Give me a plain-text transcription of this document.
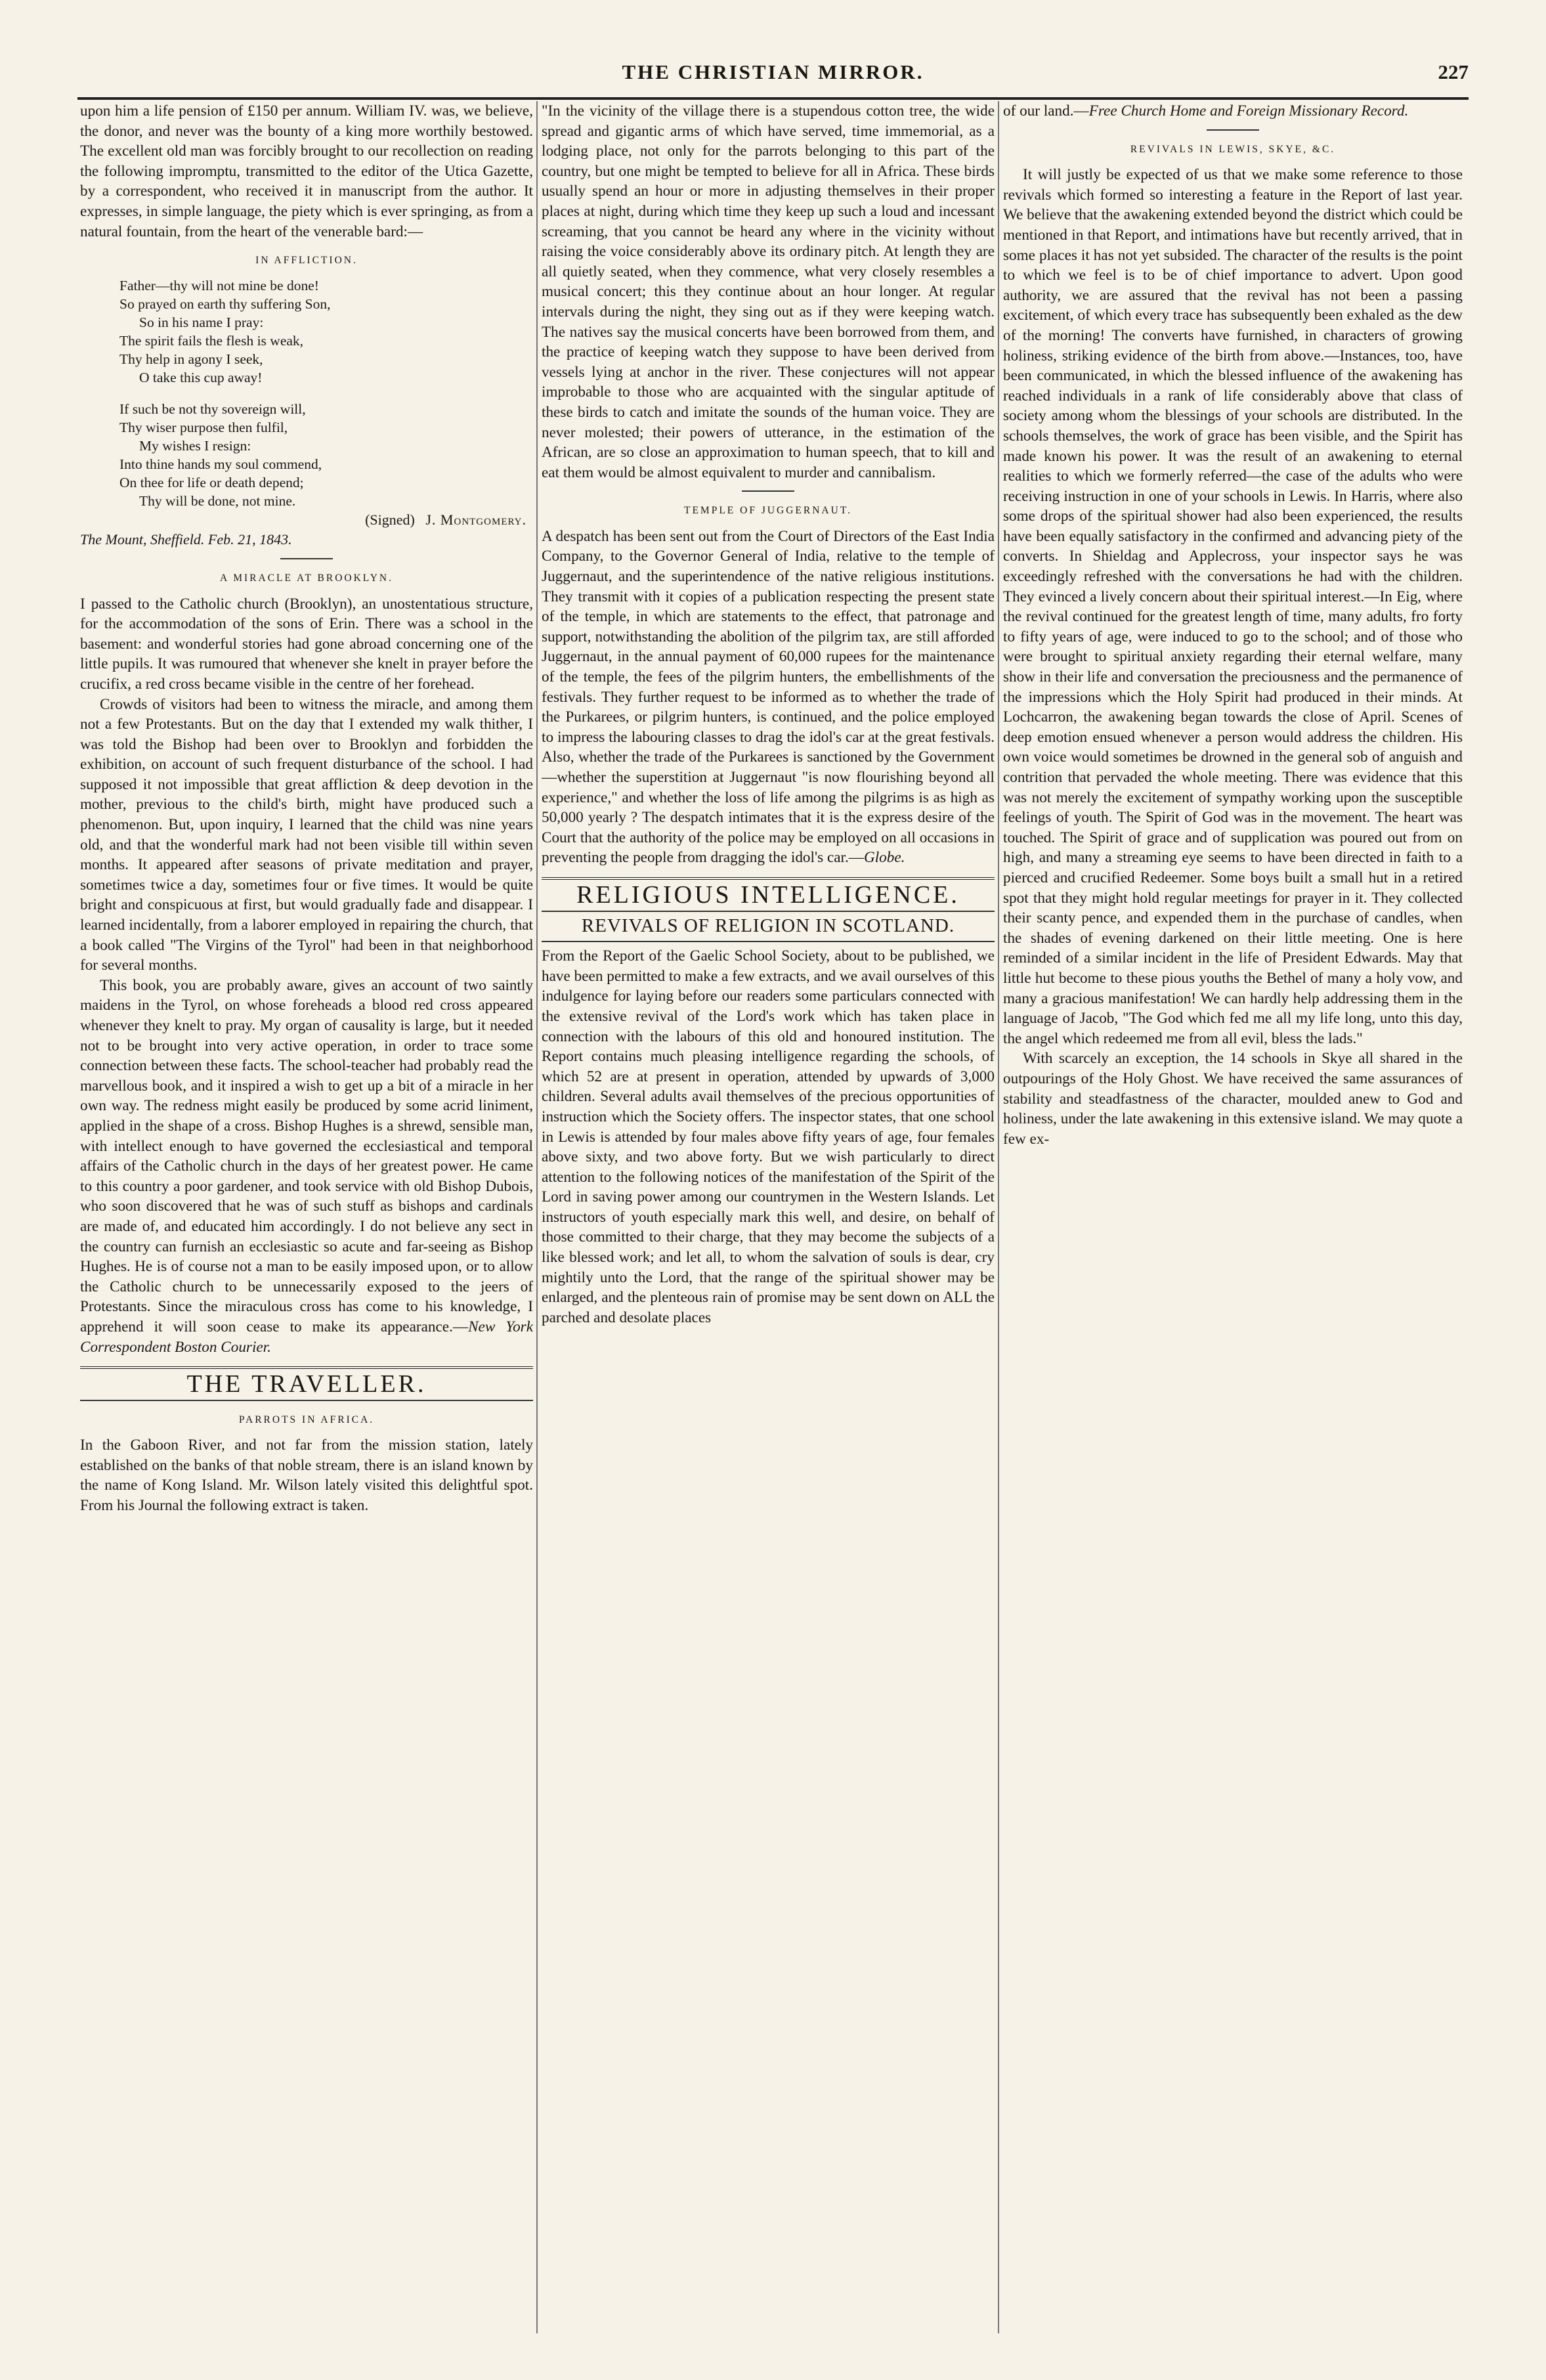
THE CHRISTIAN MIRROR.	227

upon him a life pension of £150 per annum. William IV. was, we believe, the donor, and never was the bounty of a king more worthily bestowed. The excellent old man was forcibly brought to our recollection on reading the following impromptu, transmitted to the editor of the Utica Gazette, by a correspondent, who received it in manuscript from the author. It expresses, in simple language, the piety which is ever springing, as from a natural fountain, from the heart of the venerable bard:—

IN AFFLICTION.
Father—thy will not mine be done!
So prayed on earth thy suffering Son,
So in his name I pray:
The spirit fails the flesh is weak,
Thy help in agony I seek,
O take this cup away!
If such be not thy sovereign will,
Thy wiser purpose then fulfil,
My wishes I resign:
Into thine hands my soul commend,
On thee for life or death depend;
Thy will be done, not mine.
(Signed) J. Montgomery.
The Mount, Sheffield. Feb. 21, 1843.
A MIRACLE AT BROOKLYN.

I passed to the Catholic church (Brooklyn), an unostentatious structure, for the accommodation of the sons of Erin. There was a school in the basement: and wonderful stories had gone abroad concerning one of the little pupils. It was rumoured that whenever she knelt in prayer before the crucifix, a red cross became visible in the centre of her forehead.

Crowds of visitors had been to witness the miracle, and among them not a few Protestants. But on the day that I extended my walk thither, I was told the Bishop had been over to Brooklyn and forbidden the exhibition, on account of such frequent disturbance of the school. I had supposed it not impossible that great affliction & deep devotion in the mother, previous to the child's birth, might have produced such a phenomenon. But, upon inquiry, I learned that the child was nine years old, and that the wonderful mark had not been visible till within seven months. It appeared after seasons of private meditation and prayer, sometimes twice a day, sometimes four or five times. It would be quite bright and conspicuous at first, but would gradually fade and disappear. I learned incidentally, from a laborer employed in repairing the church, that a book called "The Virgins of the Tyrol" had been in that neighborhood for several months.

This book, you are probably aware, gives an account of two saintly maidens in the Tyrol, on whose foreheads a blood red cross appeared whenever they knelt to pray. My organ of causality is large, but it needed not to be brought into very active operation, in order to trace some connection between these facts. The school-teacher had probably read the marvellous book, and it inspired a wish to get up a bit of a miracle in her own way. The redness might easily be produced by some acrid liniment, applied in the shape of a cross. Bishop Hughes is a shrewd, sensible man, with intellect enough to have governed the ecclesiastical and temporal affairs of the Catholic church in the days of her greatest power. He came to this country a poor gardener, and took service with old Bishop Dubois, who soon discovered that he was of such stuff as bishops and cardinals are made of, and educated him accordingly. I do not believe any sect in the country can furnish an ecclesiastic so acute and far-seeing as Bishop Hughes. He is of course not a man to be easily imposed upon, or to allow the Catholic church to be unnecessarily exposed to the jeers of Protestants. Since the miraculous cross has come to his knowledge, I apprehend it will soon cease to make its appearance.—New York Correspondent Boston Courier.

THE TRAVELLER.
PARROTS IN AFRICA.

In the Gaboon River, and not far from the mission station, lately established on the banks of that noble stream, there is an island known by the name of Kong Island. Mr. Wilson lately visited this delightful spot. From his Journal the following extract is taken.

"In the vicinity of the village there is a stupendous cotton tree, the wide spread and gigantic arms of which have served, time immemorial, as a lodging place, not only for the parrots belonging to this part of the country, but one might be tempted to believe for all in Africa. These birds usually spend an hour or more in adjusting themselves in their proper places at night, during which time they keep up such a loud and incessant screaming, that you cannot be heard any where in the vicinity without raising the voice considerably above its ordinary pitch. At length they are all quietly seated, when they commence, what very closely resembles a musical concert; this they continue about an hour longer. At regular intervals during the night, they sing out as if they were keeping watch. The natives say the musical concerts have been borrowed from them, and the practice of keeping watch they suppose to have been derived from vessels lying at anchor in the river. These conjectures will not appear improbable to those who are acquainted with the singular aptitude of these birds to catch and imitate the sounds of the human voice. They are never molested; their powers of utterance, in the estimation of the African, are so close an approximation to human speech, that to kill and eat them would be almost equivalent to murder and cannibalism.

TEMPLE OF JUGGERNAUT.

A despatch has been sent out from the Court of Directors of the East India Company, to the Governor General of India, relative to the temple of Juggernaut, and the superintendence of the native religious institutions. They transmit with it copies of a publication respecting the present state of the temple, in which are statements to the effect, that patronage and support, notwithstanding the abolition of the pilgrim tax, are still afforded Juggernaut, in the annual payment of 60,000 rupees for the maintenance of the temple, the fees of the pilgrim hunters, the embellishments of the festivals. They further request to be informed as to whether the trade of the Purkarees, or pilgrim hunters, is continued, and the police employed to impress the labouring classes to drag the idol's car at the great festivals. Also, whether the trade of the Purkarees is sanctioned by the Government—whether the superstition at Juggernaut "is now flourishing beyond all experience," and whether the loss of life among the pilgrims is as high as 50,000 yearly ? The despatch intimates that it is the express desire of the Court that the authority of the police may be employed on all occasions in preventing the people from dragging the idol's car.—Globe.

RELIGIOUS INTELLIGENCE.
REVIVALS OF RELIGION IN SCOTLAND.

From the Report of the Gaelic School Society, about to be published, we have been permitted to make a few extracts, and we avail ourselves of this indulgence for laying before our readers some particulars connected with the extensive revival of the Lord's work which has taken place in connection with the labours of this old and honoured institution. The Report contains much pleasing intelligence regarding the schools, of which 52 are at present in operation, attended by upwards of 3,000 children. Several adults avail themselves of the precious opportunities of instruction which the Society offers. The inspector states, that one school in Lewis is attended by four males above fifty years of age, four females above sixty, and two above forty. But we wish particularly to direct attention to the following notices of the manifestation of the Spirit of the Lord in saving power among our countrymen in the Western Islands. Let instructors of youth especially mark this well, and desire, on behalf of those committed to their charge, that they may become the subjects of a like blessed work; and let all, to whom the salvation of souls is dear, cry mightily unto the Lord, that the range of the spiritual shower may be enlarged, and the plenteous rain of promise may be sent down on ALL the parched and desolate places

of our land.—Free Church Home and Foreign Missionary Record.

REVIVALS IN LEWIS, SKYE, &C.

It will justly be expected of us that we make some reference to those revivals which formed so interesting a feature in the Report of last year. We believe that the awakening extended beyond the district which could be mentioned in that Report, and intimations have but recently arrived, that in some places it has not yet subsided. The character of the results is the point to which we feel is to be of chief importance to advert. Upon good authority, we are assured that the revival has not been a passing excitement, of which every trace has subsequently been exhaled as the dew of the morning! The converts have furnished, in characters of growing holiness, striking evidence of the birth from above.—Instances, too, have been communicated, in which the blessed influence of the awakening has reached individuals in a rank of life considerably above that class of society among whom the blessings of your schools are distributed. In the schools themselves, the work of grace has been visible, and the Spirit has made known his power. It was the result of an awakening to eternal realities to which we formerly referred—the case of the adults who were receiving instruction in one of your schools in Lewis. In Harris, where also some drops of the spiritual shower had also been experienced, the results have been equally satisfactory in the confirmed and advancing piety of the converts. In Shieldag and Applecross, your inspector says he was exceedingly refreshed with the conversations he had with the children. They evinced a lively concern about their spiritual interest.—In Eig, where the revival continued for the greatest length of time, many adults, fro forty to fifty years of age, were induced to go to the school; and of those who were brought to spiritual anxiety regarding their eternal welfare, many show in their life and conversation the preciousness and the permanence of the impressions which the Holy Spirit had produced in their minds. At Lochcarron, the awakening began towards the close of April. Scenes of deep emotion ensued whenever a person would address the children. His own voice would sometimes be drowned in the general sob of anguish and contrition that pervaded the whole meeting. There was evidence that this was not merely the excitement of sympathy working upon the susceptible feelings of youth. The Spirit of God was in the movement. The heart was touched. The Spirit of grace and of supplication was poured out from on high, and many a streaming eye seems to have been directed in faith to a pierced and crucified Redeemer. Some boys built a small hut in a retired spot that they might hold regular meetings for prayer in it. They collected their scanty pence, and expended them in the purchase of candles, when the shades of evening darkened on their little meeting. One is here reminded of a similar incident in the life of President Edwards. May that little hut become to these pious youths the Bethel of many a holy vow, and many a gracious manifestation! We can hardly help addressing them in the language of Jacob, "The God which fed me all my life long, unto this day, the angel which redeemed me from all evil, bless the lads."

With scarcely an exception, the 14 schools in Skye all shared in the outpourings of the Holy Ghost. We have received the same assurances of stability and steadfastness of the character, moulded anew to God and holiness, under the late awakening in this extensive island. We may quote a few ex-
